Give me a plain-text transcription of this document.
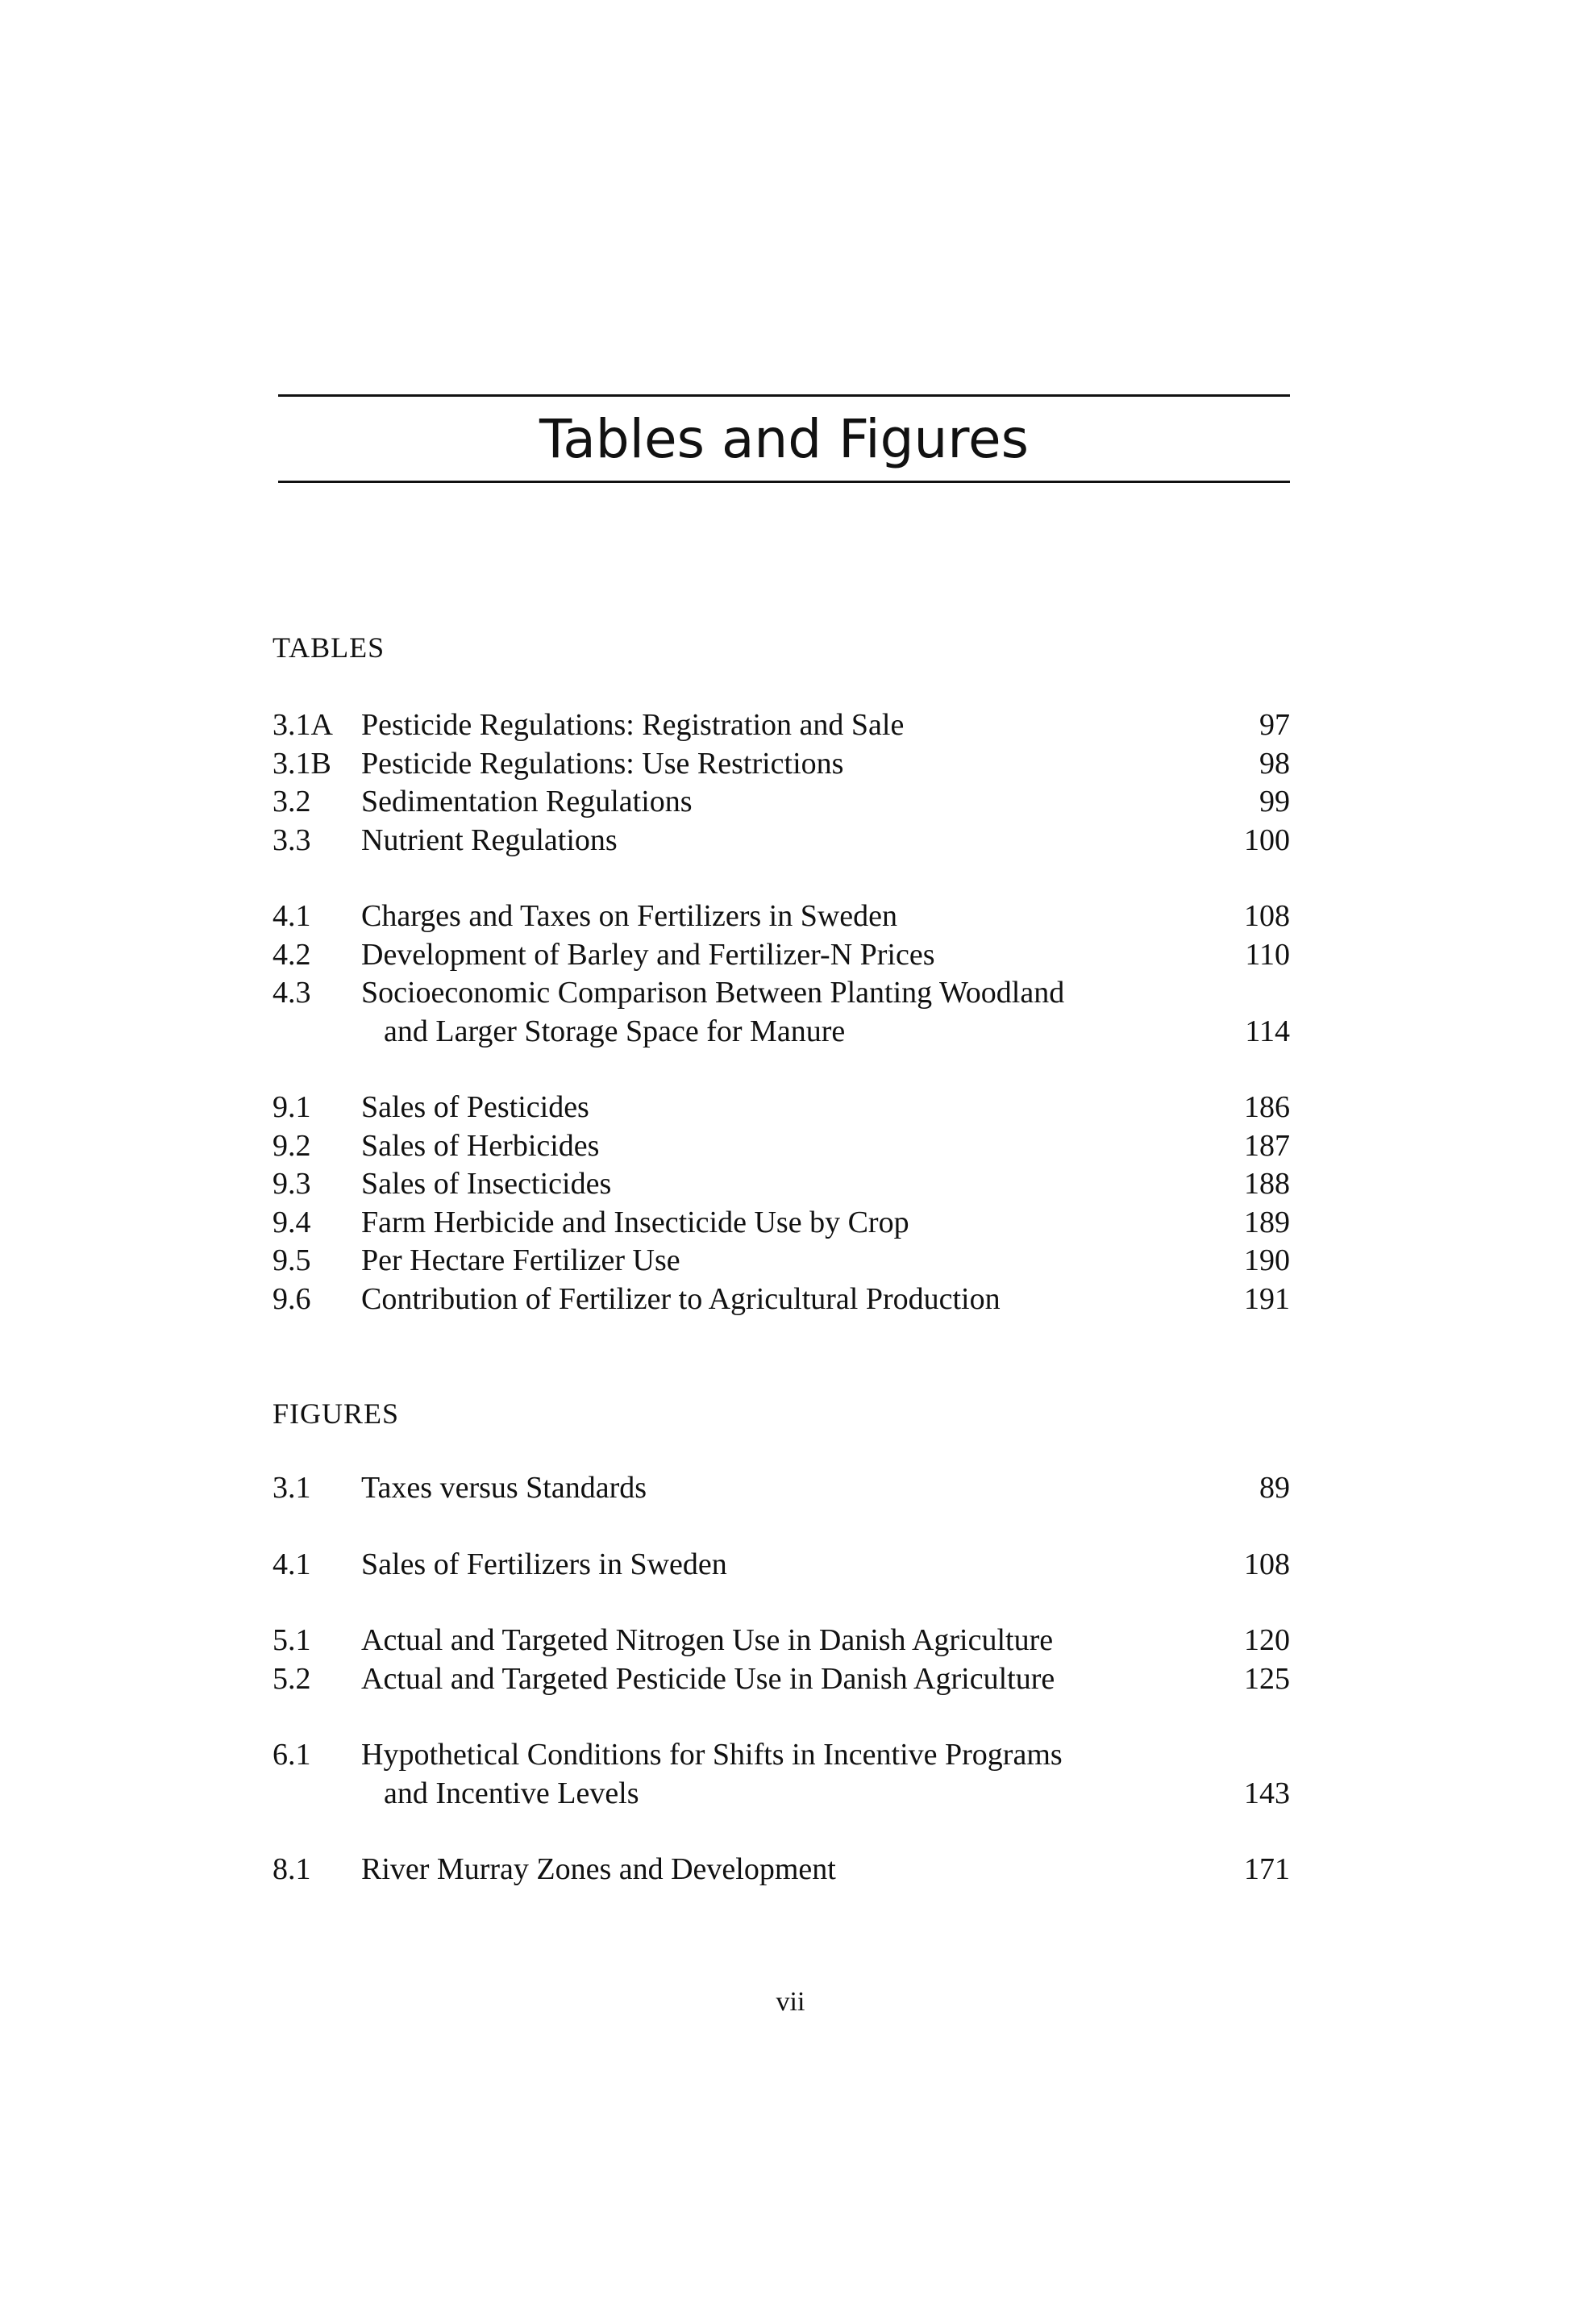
Tables and Figures
TABLES
3.1A Pesticide Regulations: Registration and Sale	97
3.1B Pesticide Regulations: Use Restrictions	98
3.2	Sedimentation Regulations	99
3.3	Nutrient Regulations	100
4.1	Charges and Taxes on Fertilizers in Sweden	108
4.2	Development of Barley and Fertilizer-N Prices	110
4.3	Socioeconomic Comparison Between Planting Woodland
and Larger Storage Space for Manure	114
9.1	Sales of Pesticides	186
9.2	Sales of Herbicides	187
9.3	Sales of Insecticides	188
9.4	Farm Herbicide and Insecticide Use by Crop	189
9.5	Per Hectare Fertilizer Use	190
9.6	Contribution of Fertilizer to Agricultural Production	191
FIGURES
3.1	Taxes versus Standards	89
4.1	Sales of Fertilizers in Sweden	108
5.1	Actual and Targeted Nitrogen Use in Danish Agriculture	120
5.2	Actual and Targeted Pesticide Use in Danish Agriculture	125
6.1	Hypothetical Conditions for Shifts in Incentive Programs
and Incentive Levels	143
8.1	River Murray Zones and Development	171
vii
